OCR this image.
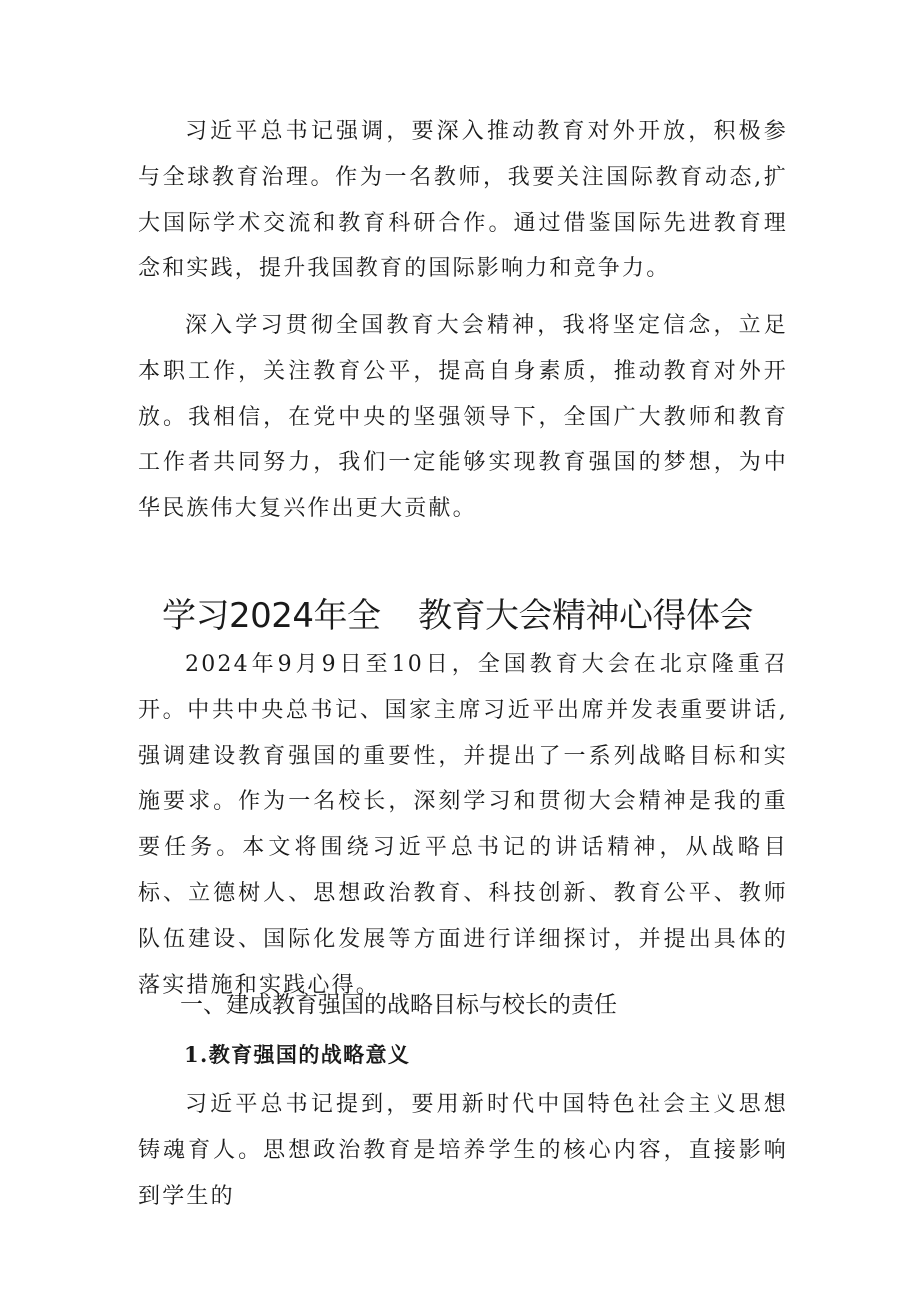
习近平总书记强调，要深入推动教育对外开放，积极参与全球教育治理。作为一名教师，我要关注国际教育动态,扩大国际学术交流和教育科研合作。通过借鉴国际先进教育理念和实践，提升我国教育的国际影响力和竞争力。

深入学习贯彻全国教育大会精神，我将坚定信念，立足本职工作，关注教育公平，提高自身素质，推动教育对外开放。我相信，在党中央的坚强领导下，全国广大教师和教育工作者共同努力，我们一定能够实现教育强国的梦想，为中华民族伟大复兴作出更大贡献。

学习2024年全 教育大会精神心得体会

2024年9月9日至10日，全国教育大会在北京隆重召开。中共中央总书记、国家主席习近平出席并发表重要讲话,强调建设教育强国的重要性，并提出了一系列战略目标和实施要求。作为一名校长，深刻学习和贯彻大会精神是我的重要任务。本文将围绕习近平总书记的讲话精神，从战略目标、立德树人、思想政治教育、科技创新、教育公平、教师队伍建设、国际化发展等方面进行详细探讨，并提出具体的落实措施和实践心得。

一、建成教育强国的战略目标与校长的责任
1.教育强国的战略意义

习近平总书记提到，要用新时代中国特色社会主义思想铸魂育人。思想政治教育是培养学生的核心内容，直接影响到学生的
